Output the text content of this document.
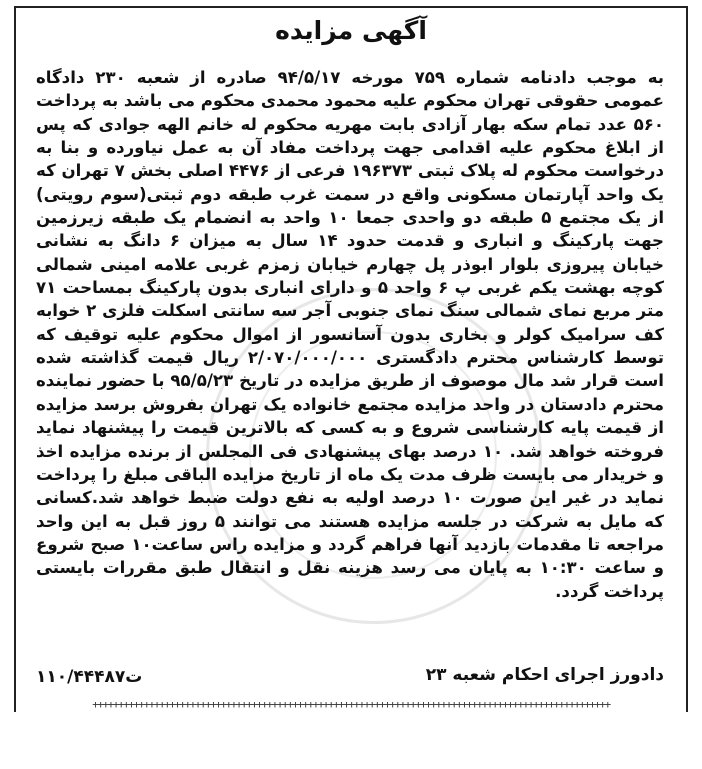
آگهی مزایده
به موجب دادنامه شماره ۷۵۹ مورخه ۹۴/۵/۱۷ صادره از شعبه ۲۳۰ دادگاه عمومی حقوقی تهران محکوم علیه محمود محمدی محکوم می باشد به پرداخت ۵۶۰ عدد تمام سکه بهار آزادی بابت مهریه محکوم له خانم الهه جوادی که پس از ابلاغ محکوم علیه اقدامی جهت پرداخت مفاد آن به عمل نیاورده و بنا به درخواست محکوم له پلاک ثبتی ۱۹۶۳۷۳ فرعی از ۴۴۷۶ اصلی بخش ۷ تهران که یک واحد آپارتمان مسکونی واقع در سمت غرب طبقه دوم ثبتی(سوم رویتی) از یک مجتمع ۵ طبقه دو واحدی جمعا ۱۰ واحد به انضمام یک طبقه زیرزمین جهت پارکینگ و انباری و قدمت حدود ۱۴ سال به میزان ۶ دانگ به نشانی خیابان پیروزی بلوار ابوذر پل چهارم خیابان زمزم غربی علامه امینی شمالی کوچه بهشت یکم غربی پ ۶ واحد ۵ و دارای انباری بدون پارکینگ بمساحت ۷۱ متر مربع نمای شمالی سنگ نمای جنوبی آجر سه سانتی اسکلت فلزی ۲ خوابه کف سرامیک کولر و بخاری بدون آسانسور از اموال محکوم علیه توقیف که توسط کارشناس محترم دادگستری ۲/۰۷۰/۰۰۰/۰۰۰ ریال قیمت گذاشته شده است قرار شد مال موصوف از طریق مزایده در تاریخ ۹۵/۵/۲۳ با حضور نماینده محترم دادستان در واحد مزایده مجتمع خانواده یک تهران بفروش برسد مزایده از قیمت پایه کارشناسی شروع و به کسی که بالاترین قیمت را پیشنهاد نماید فروخته خواهد شد. ۱۰ درصد بهای پیشنهادی فی المجلس از برنده مزایده اخذ و خریدار می بایست ظرف مدت یک ماه از تاریخ مزایده الباقی مبلغ را پرداخت نماید در غیر این صورت ۱۰ درصد اولیه به نفع دولت ضبط خواهد شد.کسانی که مایل به شرکت در جلسه مزایده هستند می توانند ۵ روز قبل به این واحد مراجعه تا مقدمات بازدید آنها فراهم گردد و مزایده راس ساعت۱۰ صبح شروع و ساعت ۱۰:۳۰ به پایان می رسد هزینه نقل و انتقال طبق مقررات بایستی پرداخت گردد.
دادورز اجرای احکام شعبه ۲۳
۱۱۰/۴۴۴۸۷ت
+++++++++++++++++++++++++++++++++++++++++++++++++++++++++++++++++++++++++++++++++++++++++++++++++++++
